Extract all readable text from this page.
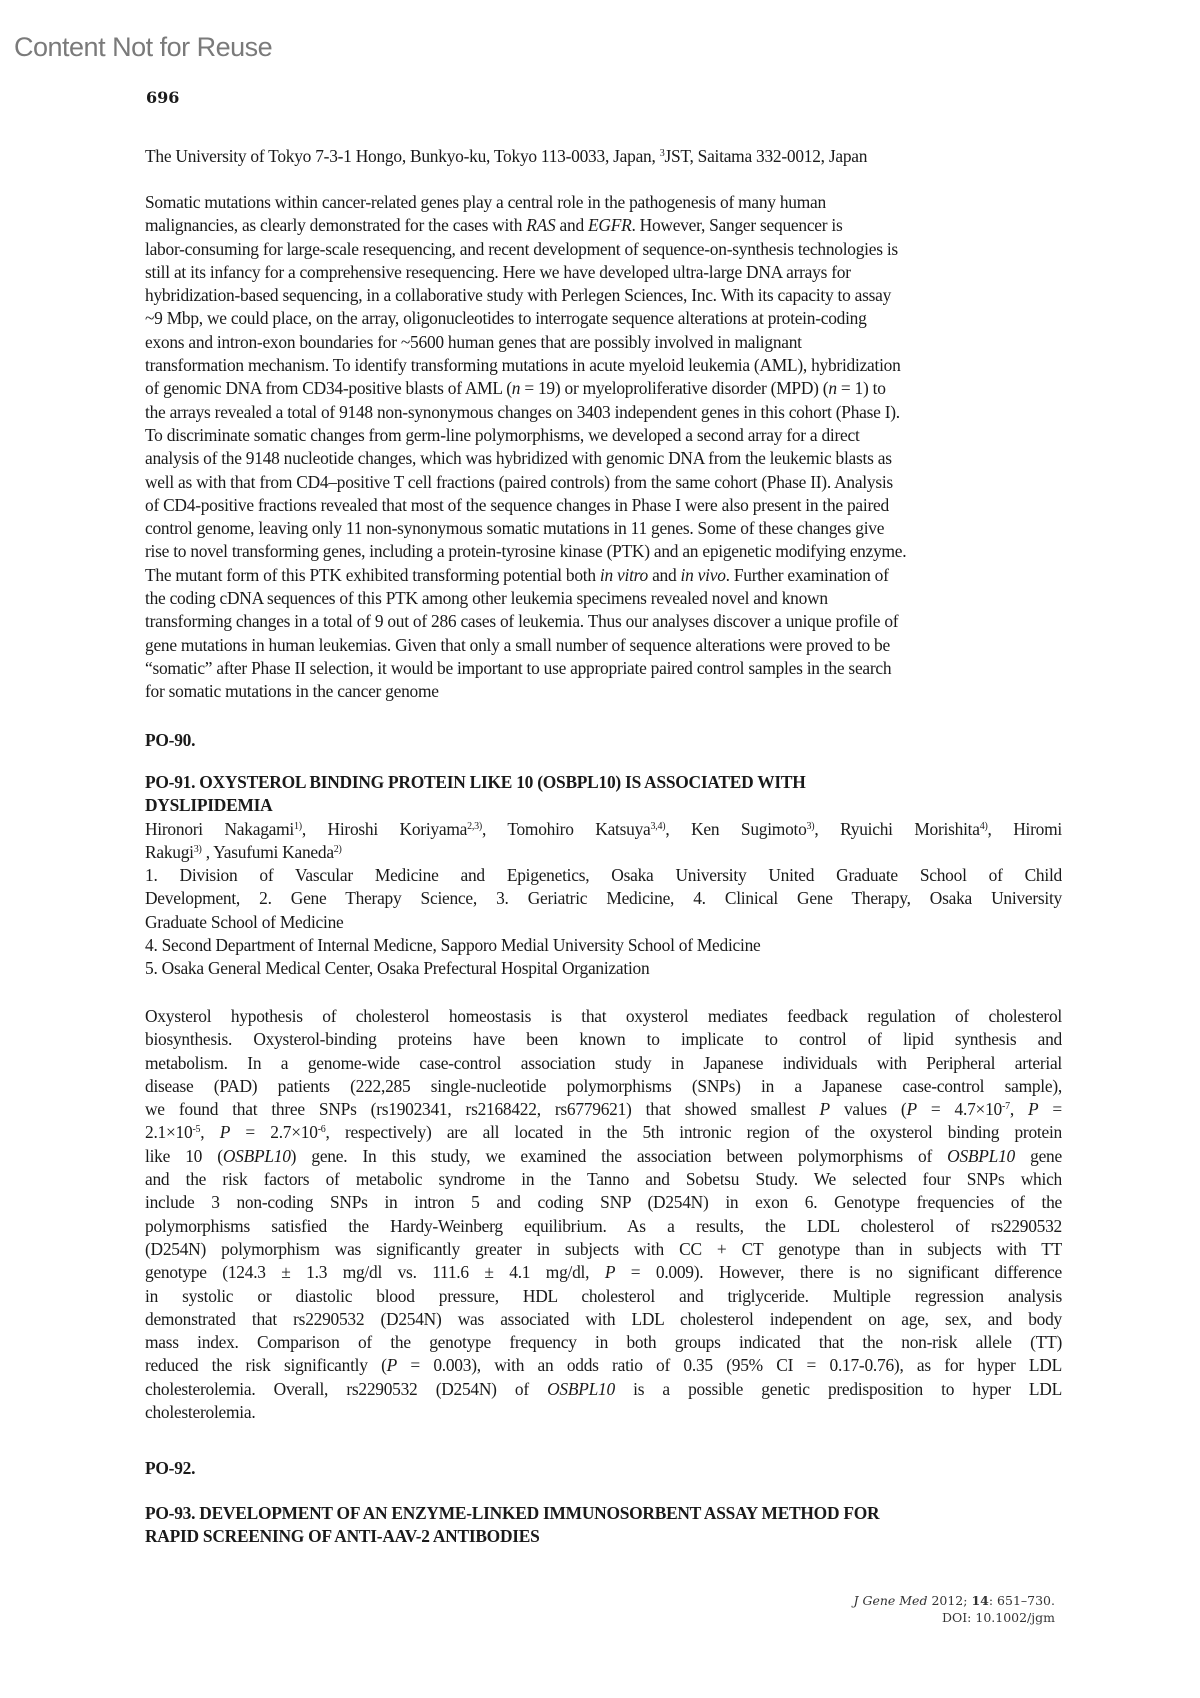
Content Not for Reuse
696
The University of Tokyo 7-3-1 Hongo, Bunkyo-ku, Tokyo 113-0033, Japan, $^3$JST, Saitama 332-0012, Japan
Somatic mutations within cancer-related genes play a central role in the pathogenesis of many human
malignancies, as clearly demonstrated for the cases with RAS and EGFR. However, Sanger sequencer is
labor-consuming for large-scale resequencing, and recent development of sequence-on-synthesis technologies is
still at its infancy for a comprehensive resequencing. Here we have developed ultra-large DNA arrays for
hybridization-based sequencing, in a collaborative study with Perlegen Sciences, Inc. With its capacity to assay
~9 Mbp, we could place, on the array, oligonucleotides to interrogate sequence alterations at protein-coding
exons and intron-exon boundaries for ~5600 human genes that are possibly involved in malignant
transformation mechanism. To identify transforming mutations in acute myeloid leukemia (AML), hybridization
of genomic DNA from CD34-positive blasts of AML (n = 19) or myeloproliferative disorder (MPD) (n = 1) to
the arrays revealed a total of 9148 non-synonymous changes on 3403 independent genes in this cohort (Phase I).
To discriminate somatic changes from germ-line polymorphisms, we developed a second array for a direct
analysis of the 9148 nucleotide changes, which was hybridized with genomic DNA from the leukemic blasts as
well as with that from CD4–positive T cell fractions (paired controls) from the same cohort (Phase II). Analysis
of CD4-positive fractions revealed that most of the sequence changes in Phase I were also present in the paired
control genome, leaving only 11 non-synonymous somatic mutations in 11 genes. Some of these changes give
rise to novel transforming genes, including a protein-tyrosine kinase (PTK) and an epigenetic modifying enzyme.
The mutant form of this PTK exhibited transforming potential both in vitro and in vivo. Further examination of
the coding cDNA sequences of this PTK among other leukemia specimens revealed novel and known
transforming changes in a total of 9 out of 286 cases of leukemia. Thus our analyses discover a unique profile of
gene mutations in human leukemias. Given that only a small number of sequence alterations were proved to be
“somatic” after Phase II selection, it would be important to use appropriate paired control samples in the search
for somatic mutations in the cancer genome
PO-90.
PO-91. OXYSTEROL BINDING PROTEIN LIKE 10 (OSBPL10) IS ASSOCIATED WITH
DYSLIPIDEMIA
Hironori Nakagami$^{1)}$, Hiroshi Koriyama$^{2,3)}$, Tomohiro Katsuya$^{3,4)}$, Ken Sugimoto$^{3)}$, Ryuichi Morishita$^{4)}$, Hiromi
Rakugi$^{3)}$ , Yasufumi Kaneda$^{2)}$
1. Division of Vascular Medicine and Epigenetics, Osaka University United Graduate School of Child
Development, 2. Gene Therapy Science, 3. Geriatric Medicine, 4. Clinical Gene Therapy, Osaka University
Graduate School of Medicine
4. Second Department of Internal Medicne, Sapporo Medial University School of Medicine
5. Osaka General Medical Center, Osaka Prefectural Hospital Organization
Oxysterol hypothesis of cholesterol homeostasis is that oxysterol mediates feedback regulation of cholesterol
biosynthesis. Oxysterol-binding proteins have been known to implicate to control of lipid synthesis and
metabolism. In a genome-wide case-control association study in Japanese individuals with Peripheral arterial
disease (PAD) patients (222,285 single-nucleotide polymorphisms (SNPs) in a Japanese case-control sample),
we found that three SNPs (rs1902341, rs2168422, rs6779621) that showed smallest P values ($P = 4.7\times 10^{-7}$, P =
$2.1\times 10^{-5}$, $P = 2.7\times 10^{-6}$, respectively) are all located in the 5th intronic region of the oxysterol binding protein
like 10 (OSBPL10) gene. In this study, we examined the association between polymorphisms of OSBPL10 gene
and the risk factors of metabolic syndrome in the Tanno and Sobetsu Study. We selected four SNPs which
include 3 non-coding SNPs in intron 5 and coding SNP (D254N) in exon 6. Genotype frequencies of the
polymorphisms satisfied the Hardy-Weinberg equilibrium. As a results, the LDL cholesterol of rs2290532
(D254N) polymorphism was significantly greater in subjects with CC + CT genotype than in subjects with TT
genotype (124.3 ± 1.3 mg/dl vs. 111.6 ± 4.1 mg/dl, P = 0.009). However, there is no significant difference
in systolic or diastolic blood pressure, HDL cholesterol and triglyceride. Multiple regression analysis
demonstrated that rs2290532 (D254N) was associated with LDL cholesterol independent on age, sex, and body
mass index. Comparison of the genotype frequency in both groups indicated that the non-risk allele (TT)
reduced the risk significantly (P = 0.003), with an odds ratio of 0.35 (95% CI = 0.17-0.76), as for hyper LDL
cholesterolemia. Overall, rs2290532 (D254N) of OSBPL10 is a possible genetic predisposition to hyper LDL
cholesterolemia.
PO-92.
PO-93. DEVELOPMENT OF AN ENZYME-LINKED IMMUNOSORBENT ASSAY METHOD FOR
RAPID SCREENING OF ANTI-AAV-2 ANTIBODIES
J Gene Med 2012; 14: 651–730.
DOI: 10.1002/jgm
